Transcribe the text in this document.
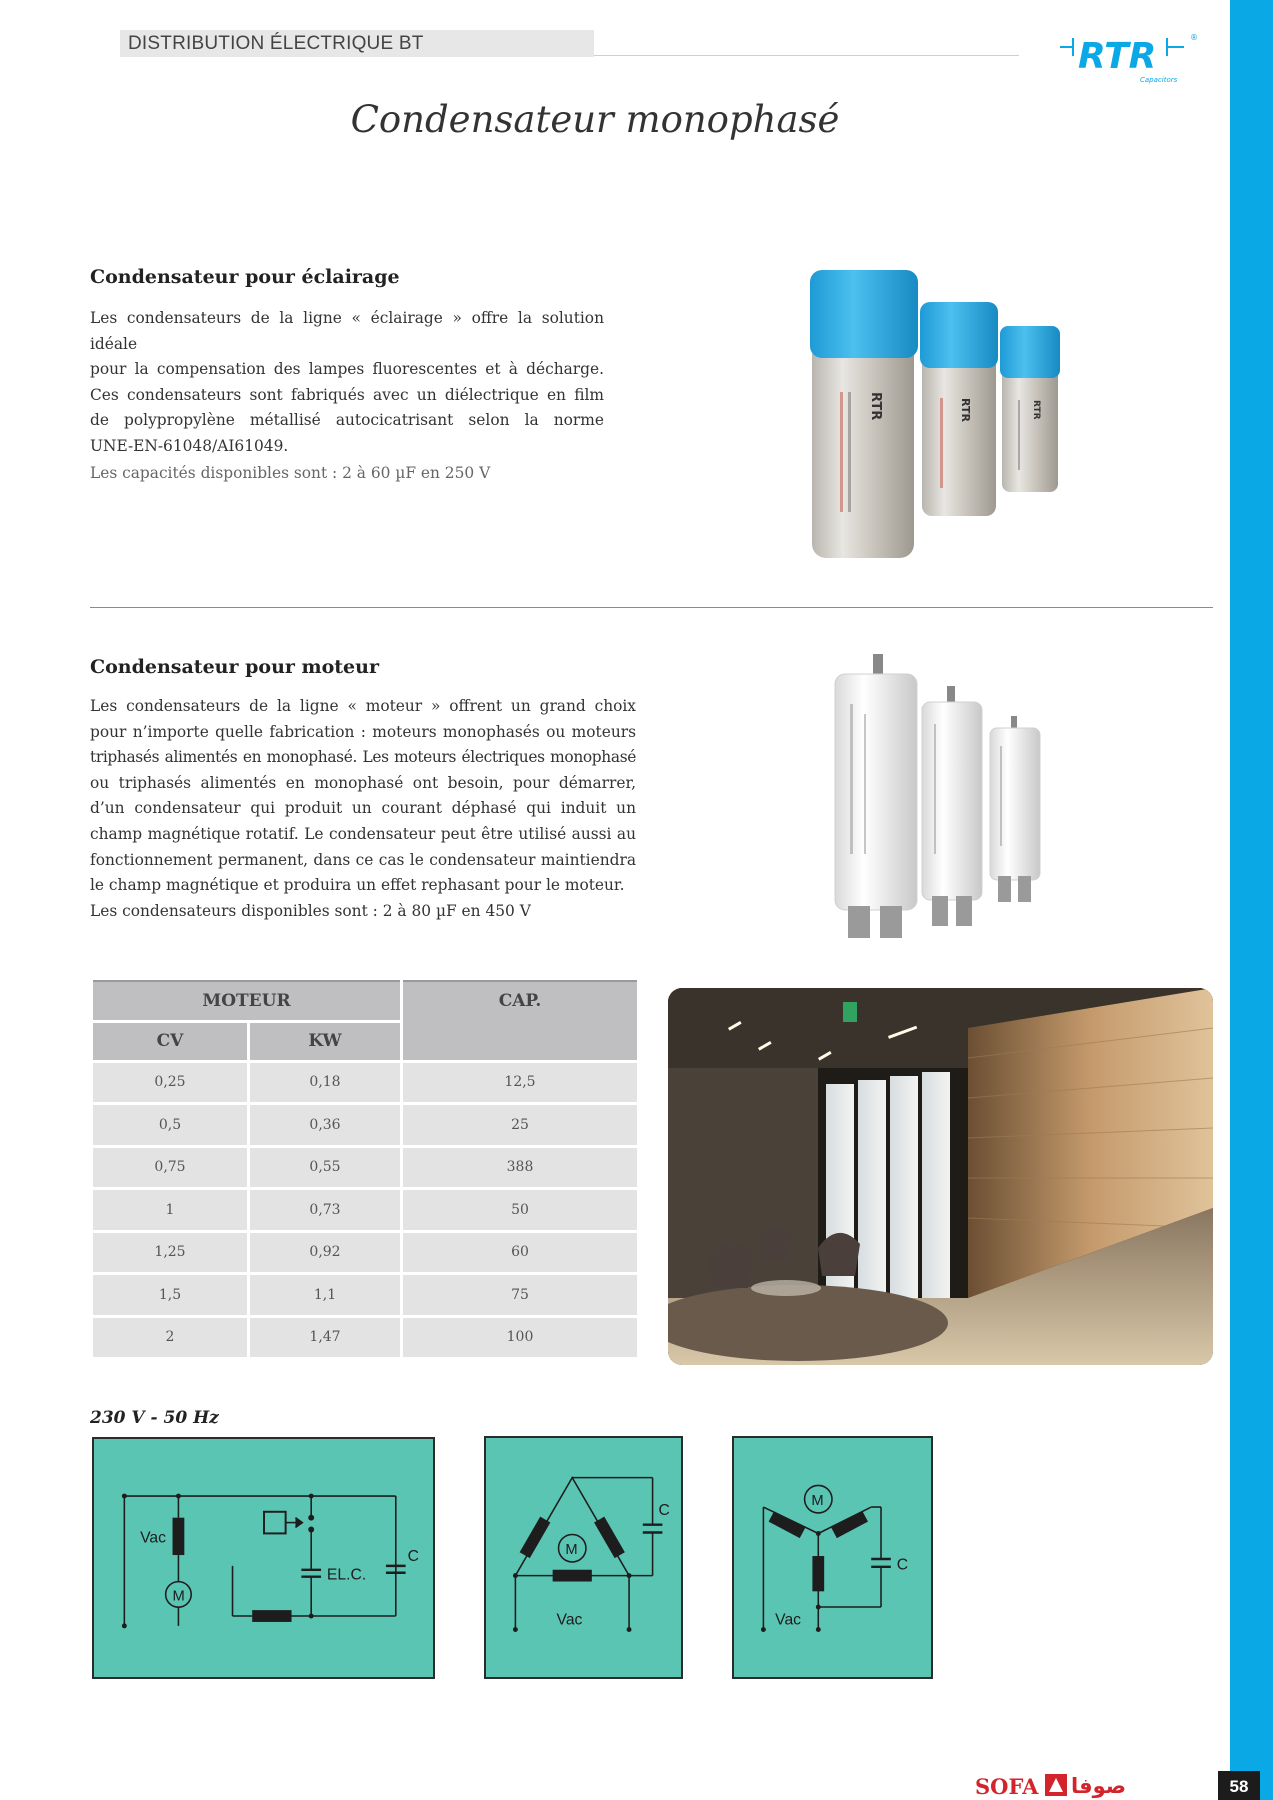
DISTRIBUTION ÉLECTRIQUE BT	RTR	®
Capacitors
Condensateur monophasé
Condensateur pour éclairage
Les condensateurs de la ligne « éclairage » offre la solution idéale
pour la compensation des lampes fluorescentes et à décharge.
Ces condensateurs sont fabriqués avec un diélectrique en film
de polypropylène métallisé autocicatrisant selon la norme
UNE-EN-61048/AI61049.
Les capacités disponibles sont : 2 à 60 µF en 250 V
RTR	RTR	RTR
Condensateur pour moteur
Les condensateurs de la ligne « moteur » offrent un grand choix
pour n’importe quelle fabrication : moteurs monophasés ou moteurs
triphasés alimentés en monophasé. Les moteurs électriques monophasé
ou triphasés alimentés en monophasé ont besoin, pour démarrer,
d’un condensateur qui produit un courant déphasé qui induit un
champ magnétique rotatif. Le condensateur peut être utilisé aussi au
fonctionnement permanent, dans ce cas le condensateur maintiendra
le champ magnétique et produira un effet rephasant pour le moteur.
Les condensateurs disponibles sont : 2 à 80 µF en 450 V
MOTEUR		CAP.
CV	KW	
0,25	0,18	12,5
0,5	0,36	25
0,75	0,55	388
1	0,73	50
1,25	0,92	60
1,5	1,1	75
2	1,47	100
230 V - 50 Hz
Vac
M
EL.C.
C	M
C
Vac
M
C
Vac
SOFA صوفا	58
